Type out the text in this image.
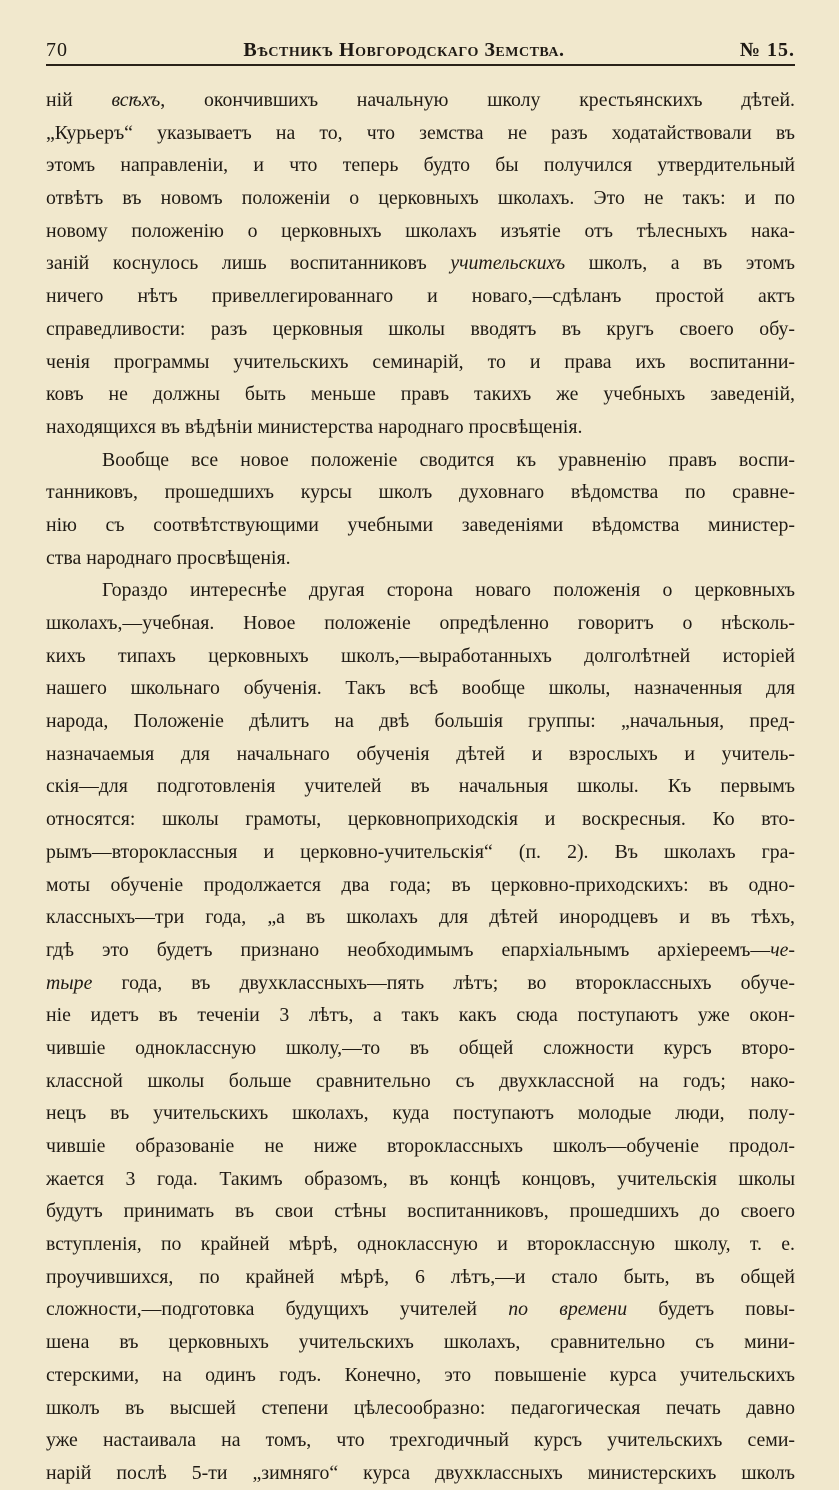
70	Вѣстникъ Новгородскаго Земства.	№ 15.
ній всѣхъ, окончившихъ начальную школу крестьянскихъ дѣтей.
„Курьеръ“ указываетъ на то, что земства не разъ ходатайствовали въ
этомъ направленіи, и что теперь будто бы получился утвердительный
отвѣтъ въ новомъ положеніи о церковныхъ школахъ. Это не такъ: и по
новому положенію о церковныхъ школахъ изъятіе отъ тѣлесныхъ нака-
заній коснулось лишь воспитанниковъ учительскихъ школъ, а въ этомъ
ничего нѣтъ привеллегированнаго и новаго,—сдѣланъ простой актъ
справедливости: разъ церковныя школы вводятъ въ кругъ своего обу-
ченія программы учительскихъ семинарій, то и права ихъ воспитанни-
ковъ не должны быть меньше правъ такихъ же учебныхъ заведеній,
находящихся въ вѣдѣніи министерства народнаго просвѣщенія.
Вообще все новое положеніе сводится къ уравненію правъ воспи-
танниковъ, прошедшихъ курсы школъ духовнаго вѣдомства по сравне-
нію съ соотвѣтствующими учебными заведеніями вѣдомства министер-
ства народнаго просвѣщенія.
Гораздо интереснѣе другая сторона новаго положенія о церковныхъ
школахъ,—учебная. Новое положеніе опредѣленно говоритъ о нѣсколь-
кихъ типахъ церковныхъ школъ,—выработанныхъ долголѣтней исторіей
нашего школьнаго обученія. Такъ всѣ вообще школы, назначенныя для
народа, Положеніе дѣлитъ на двѣ большія группы: „начальныя, пред-
назначаемыя для начальнаго обученія дѣтей и взрослыхъ и учитель-
скія—для подготовленія учителей въ начальныя школы. Къ первымъ
относятся: школы грамоты, церковноприходскія и воскресныя. Ко вто-
рымъ—второклассныя и церковно-учительскія“ (п. 2). Въ школахъ гра-
моты обученіе продолжается два года; въ церковно-приходскихъ: въ одно-
классныхъ—три года, „а въ школахъ для дѣтей инородцевъ и въ тѣхъ,
гдѣ это будетъ признано необходимымъ епархіальнымъ архіереемъ—че-
тыре года, въ двухклассныхъ—пять лѣтъ; во второклассныхъ обуче-
ніе идетъ въ теченіи 3 лѣтъ, а такъ какъ сюда поступаютъ уже окон-
чившіе одноклассную школу,—то въ общей сложности курсъ второ-
классной школы больше сравнительно съ двухклассной на годъ; нако-
нецъ въ учительскихъ школахъ, куда поступаютъ молодые люди, полу-
чившіе образованіе не ниже второклассныхъ школъ—обученіе продол-
жается 3 года. Такимъ образомъ, въ концѣ концовъ, учительскія школы
будутъ принимать въ свои стѣны воспитанниковъ, прошедшихъ до своего
вступленія, по крайней мѣрѣ, одноклассную и второклассную школу, т. е.
проучившихся, по крайней мѣрѣ, 6 лѣтъ,—и стало быть, въ общей
сложности,—подготовка будущихъ учителей по времени будетъ повы-
шена въ церковныхъ учительскихъ школахъ, сравнительно съ мини-
стерскими, на одинъ годъ. Конечно, это повышеніе курса учительскихъ
школъ въ высшей степени цѣлесообразно: педагогическая печать давно
уже настаивала на томъ, что трехгодичный курсъ учительскихъ семи-
нарій послѣ 5-ти „зимняго“ курса двухклассныхъ министерскихъ школъ
